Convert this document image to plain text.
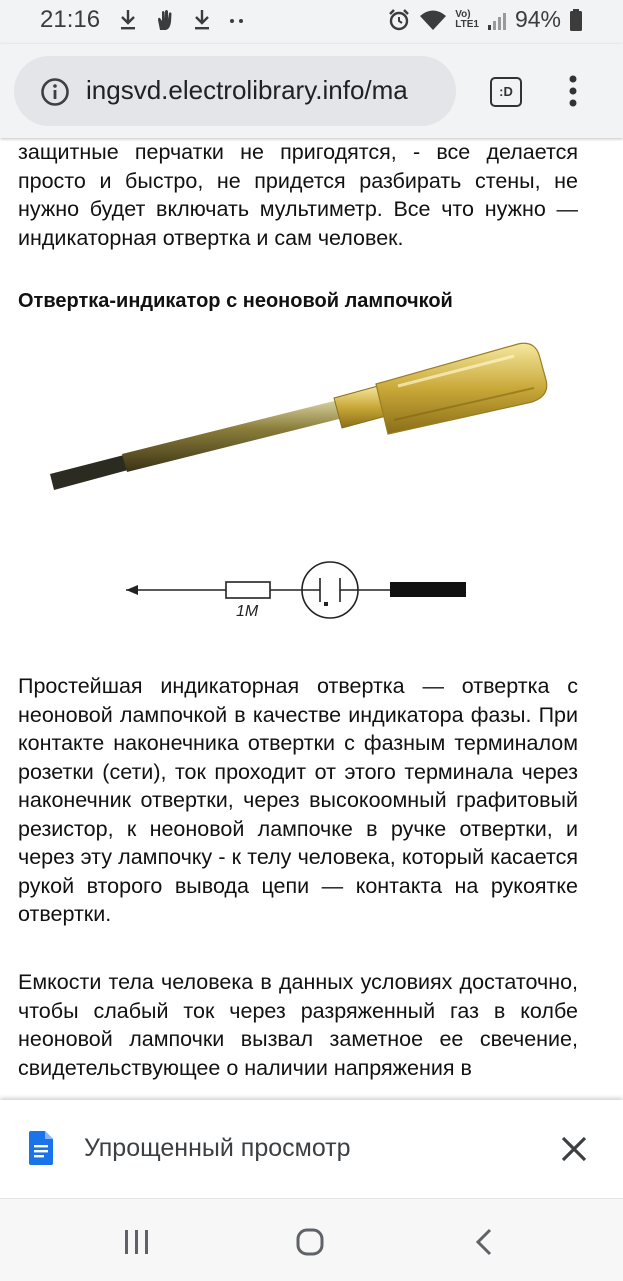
21:16	Vo)
LTE1 94%
ingsvd.electrolibrary.info/ma	:D

защитные перчатки не пригодятся, - все делается просто и быстро, не придется разбирать стены, не нужно будет включать мультиметр. Все что нужно — индикаторная отвертка и сам человек.

Отвертка-индикатор с неоновой лампочкой
1M

Простейшая индикаторная отвертка — отвертка с неоновой лампочкой в качестве индикатора фазы. При контакте наконечника отвертки с фазным терминалом розетки (сети), ток проходит от этого терминала через наконечник отвертки, через высокоомный графитовый резистор, к неоновой лампочке в ручке отвертки, и через эту лампочку - к телу человека, который касается рукой второго вывода цепи — контакта на рукоятке отвертки.

Емкости тела человека в данных условиях достаточно, чтобы слабый ток через разряженный газ в колбе неоновой лампочки вызвал заметное ее свечение, свидетельствующее о наличии напряжения в

Упрощенный просмотр
